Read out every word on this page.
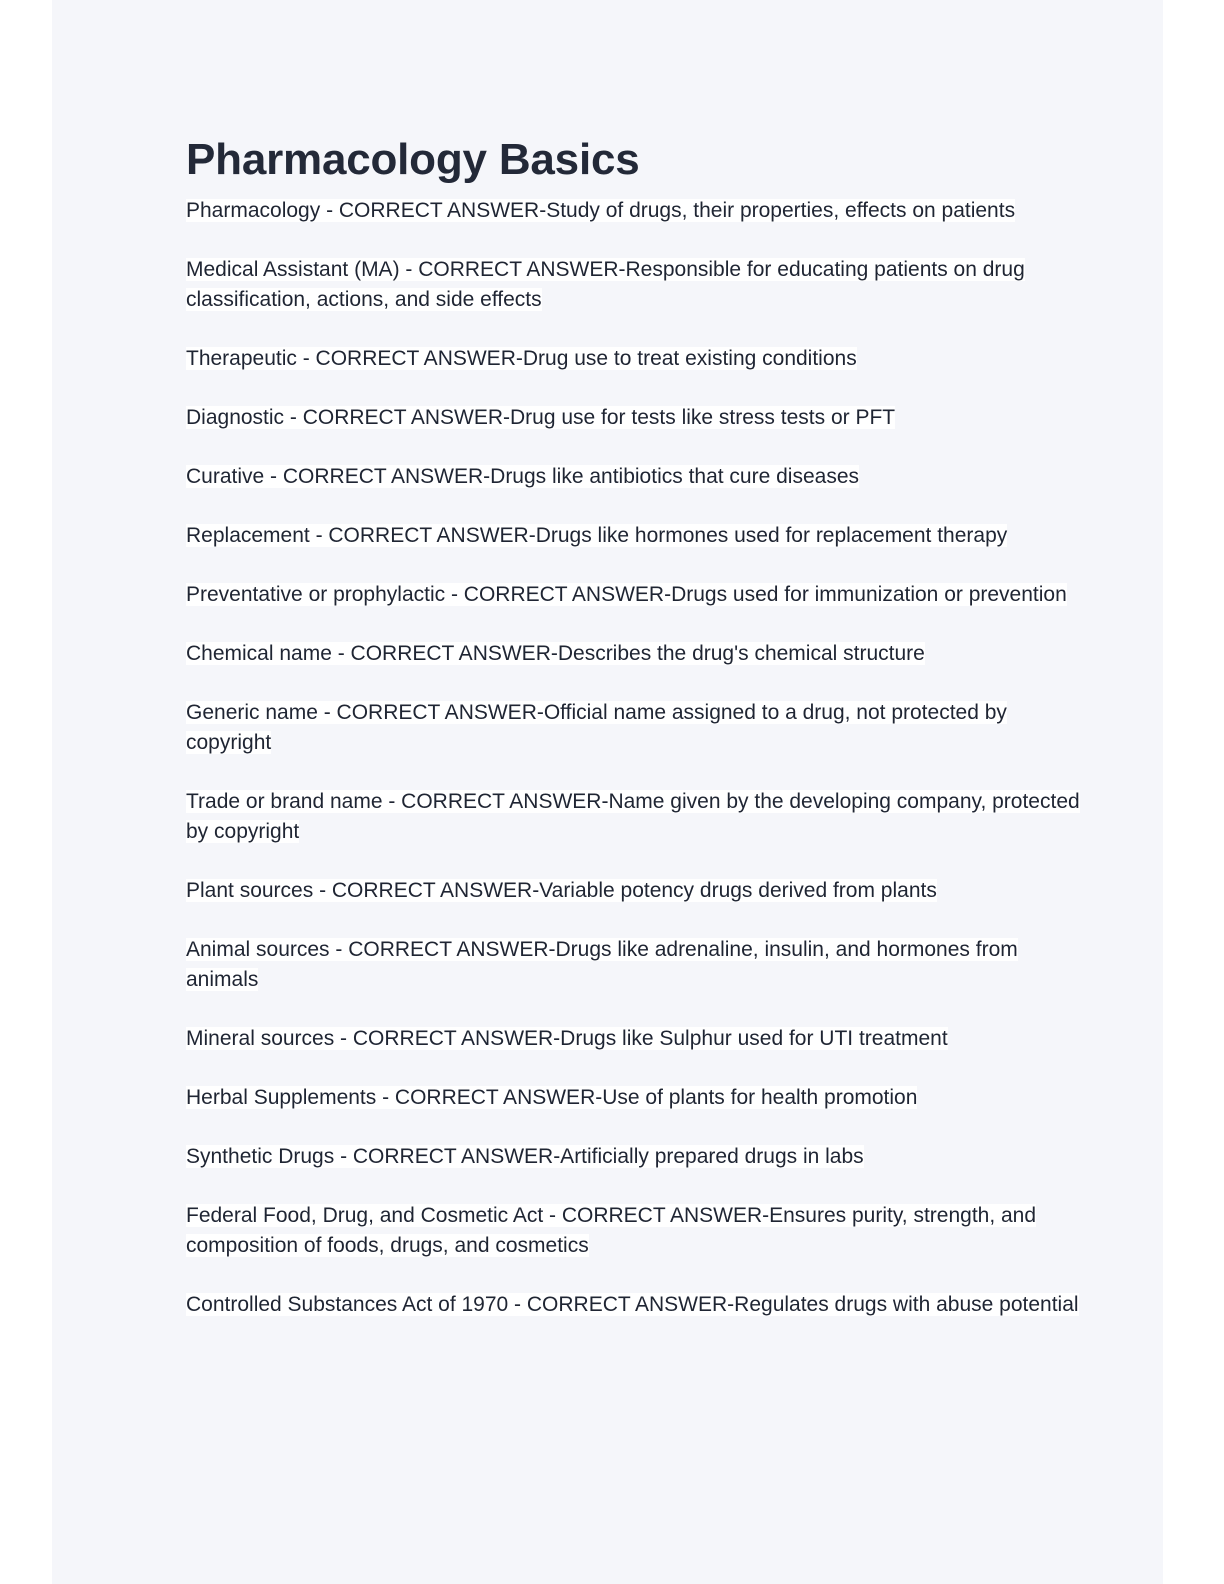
Pharmacology Basics
Pharmacology - CORRECT ANSWER-Study of drugs, their properties, effects on patients
Medical Assistant (MA) - CORRECT ANSWER-Responsible for educating patients on drug classification, actions, and side effects
Therapeutic - CORRECT ANSWER-Drug use to treat existing conditions
Diagnostic - CORRECT ANSWER-Drug use for tests like stress tests or PFT
Curative - CORRECT ANSWER-Drugs like antibiotics that cure diseases
Replacement - CORRECT ANSWER-Drugs like hormones used for replacement therapy
Preventative or prophylactic - CORRECT ANSWER-Drugs used for immunization or prevention
Chemical name - CORRECT ANSWER-Describes the drug's chemical structure
Generic name - CORRECT ANSWER-Official name assigned to a drug, not protected by copyright
Trade or brand name - CORRECT ANSWER-Name given by the developing company, protected by copyright
Plant sources - CORRECT ANSWER-Variable potency drugs derived from plants
Animal sources - CORRECT ANSWER-Drugs like adrenaline, insulin, and hormones from animals
Mineral sources - CORRECT ANSWER-Drugs like Sulphur used for UTI treatment
Herbal Supplements - CORRECT ANSWER-Use of plants for health promotion
Synthetic Drugs - CORRECT ANSWER-Artificially prepared drugs in labs
Federal Food, Drug, and Cosmetic Act - CORRECT ANSWER-Ensures purity, strength, and composition of foods, drugs, and cosmetics
Controlled Substances Act of 1970 - CORRECT ANSWER-Regulates drugs with abuse potential
